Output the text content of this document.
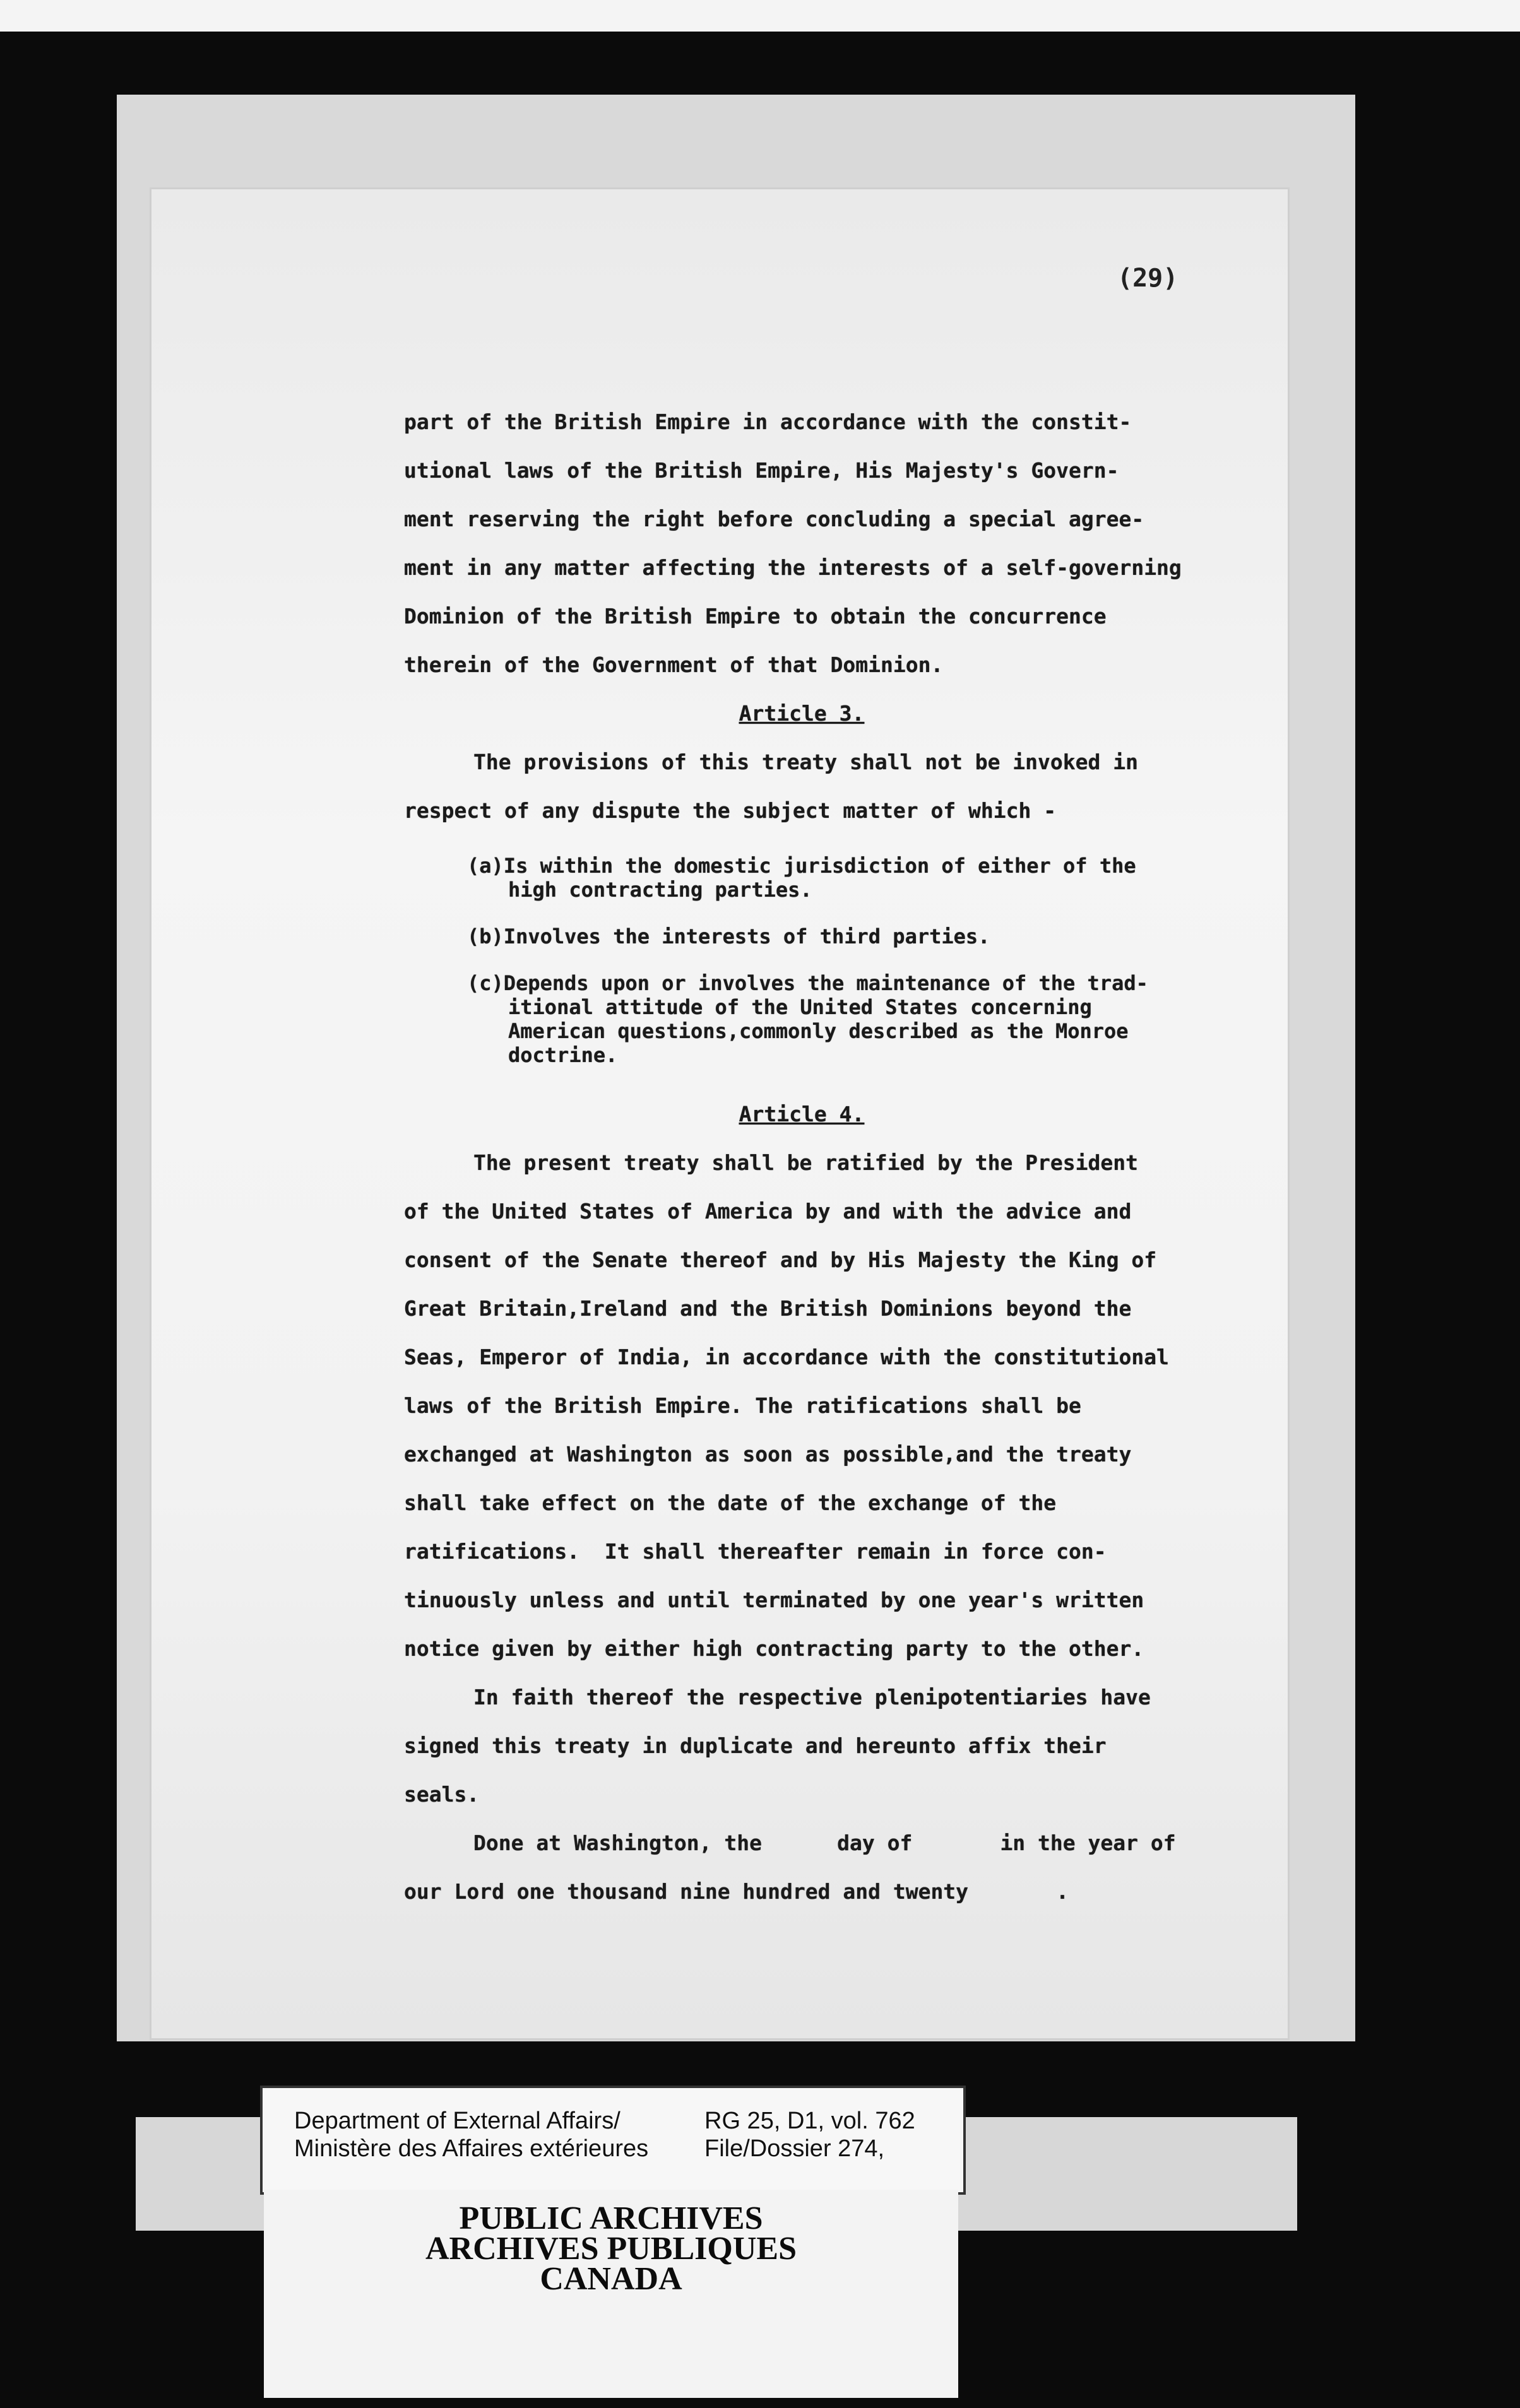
(29)
part of the British Empire in accordance with the constit-
utional laws of the British Empire, His Majesty's Govern-
ment reserving the right before concluding a special agree-
ment in any matter affecting the interests of a self-governing
Dominion of the British Empire to obtain the concurrence
therein of the Government of that Dominion.
Article 3.
The provisions of this treaty shall not be invoked in
respect of any dispute the subject matter of which -
(a)Is within the domestic jurisdiction of either of the
high contracting parties.
(b)Involves the interests of third parties.
(c)Depends upon or involves the maintenance of the trad-
itional attitude of the United States concerning
American questions,commonly described as the Monroe
doctrine.
Article 4.
The present treaty shall be ratified by the President
of the United States of America by and with the advice and
consent of the Senate thereof and by His Majesty the King of
Great Britain,Ireland and the British Dominions beyond the
Seas, Emperor of India, in accordance with the constitutional
laws of the British Empire. The ratifications shall be
exchanged at Washington as soon as possible,and the treaty
shall take effect on the date of the exchange of the
ratifications.  It shall thereafter remain in force con-
tinuously unless and until terminated by one year's written
notice given by either high contracting party to the other.
In faith thereof the respective plenipotentiaries have
signed this treaty in duplicate and hereunto affix their
seals.
Done at Washington, the      day of       in the year of
our Lord one thousand nine hundred and twenty       .
Department of External Affairs/
Ministère des Affaires extérieures
RG 25, D1, vol. 762
File/Dossier 274,
PUBLIC ARCHIVES
ARCHIVES PUBLIQUES
CANADA
